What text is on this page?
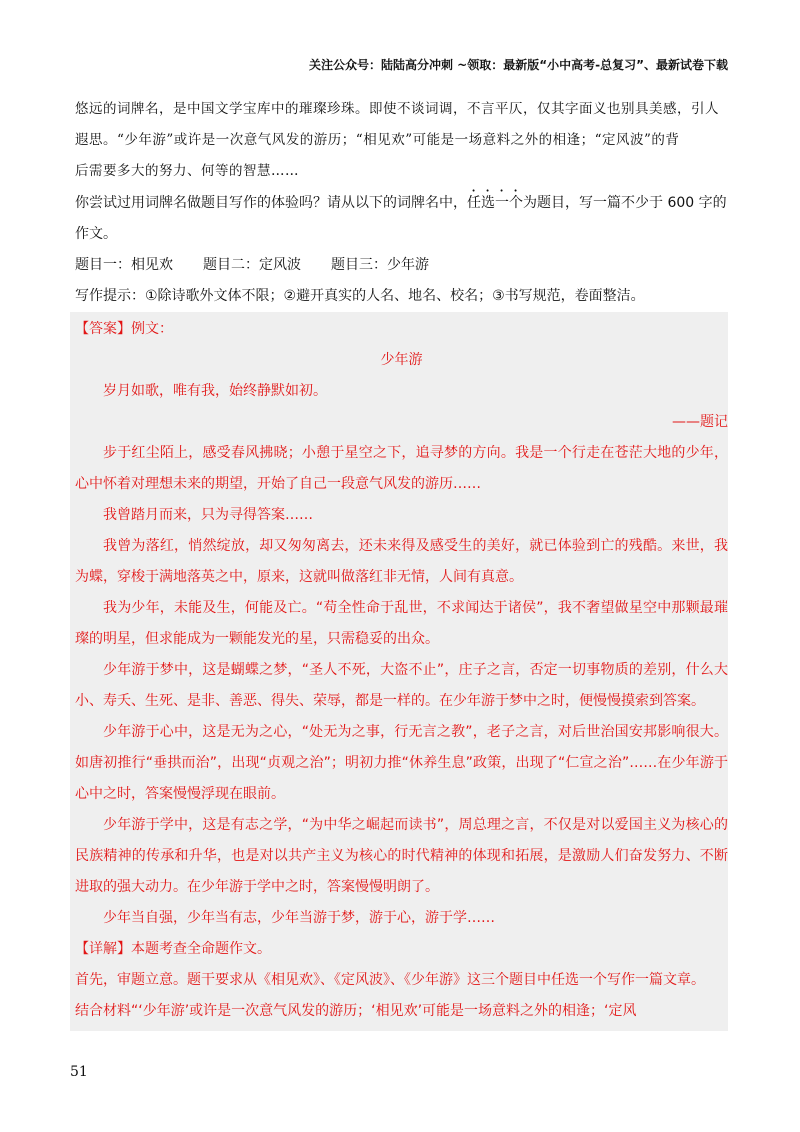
关注公众号：陆陆高分冲刺 ~领取：最新版“小中高考-总复习”、最新试卷下载

悠远的词牌名，是中国文学宝库中的璀璨珍珠。即使不谈词调，不言平仄，仅其字面义也别具美感，引人

遐思。“少年游”或许是一次意气风发的游历；“相见欢”可能是一场意料之外的相逢；“定风波”的背

后需要多大的努力、何等的智慧……

你尝试过用词牌名做题目写作的体验吗？请从以下的词牌名中，任选一个为题目，写一篇不少于 600 字的

作文。

题目一：相见欢 题目二：定风波 题目三：少年游

写作提示：①除诗歌外文体不限；②避开真实的人名、地名、校名；③书写规范，卷面整洁。

【答案】例文：

少年游

岁月如歌，唯有我，始终静默如初。

——题记

步于红尘陌上，感受春风拂晓；小憩于星空之下，追寻梦的方向。我是一个行走在苍茫大地的少年，心中怀着对理想未来的期望，开始了自己一段意气风发的游历……

我曾踏月而来，只为寻得答案……

我曾为落红，悄然绽放，却又匆匆离去，还未来得及感受生的美好，就已体验到亡的残酷。来世，我为蝶，穿梭于满地落英之中，原来，这就叫做落红非无情，人间有真意。

我为少年，未能及生，何能及亡。“苟全性命于乱世，不求闻达于诸侯”，我不奢望做星空中那颗最璀璨的明星，但求能成为一颗能发光的星，只需稳妥的出众。

少年游于梦中，这是蝴蝶之梦，“圣人不死，大盗不止”，庄子之言，否定一切事物质的差别，什么大小、寿夭、生死、是非、善恶、得失、荣辱，都是一样的。在少年游于梦中之时，便慢慢摸索到答案。

少年游于心中，这是无为之心，“处无为之事，行无言之教”，老子之言，对后世治国安邦影响很大。如唐初推行“垂拱而治”，出现“贞观之治”；明初力推“休养生息”政策，出现了“仁宣之治”……在少年游于心中之时，答案慢慢浮现在眼前。

少年游于学中，这是有志之学，“为中华之崛起而读书”，周总理之言，不仅是对以爱国主义为核心的民族精神的传承和升华，也是对以共产主义为核心的时代精神的体现和拓展，是激励人们奋发努力、不断进取的强大动力。在少年游于学中之时，答案慢慢明朗了。

少年当自强，少年当有志，少年当游于梦，游于心，游于学……

【详解】本题考查全命题作文。

首先，审题立意。题干要求从《相见欢》、《定风波》、《少年游》这三个题目中任选一个写作一篇文章。

结合材料“‘少年游’或许是一次意气风发的游历；‘相见欢’可能是一场意料之外的相逢；‘定风

51
